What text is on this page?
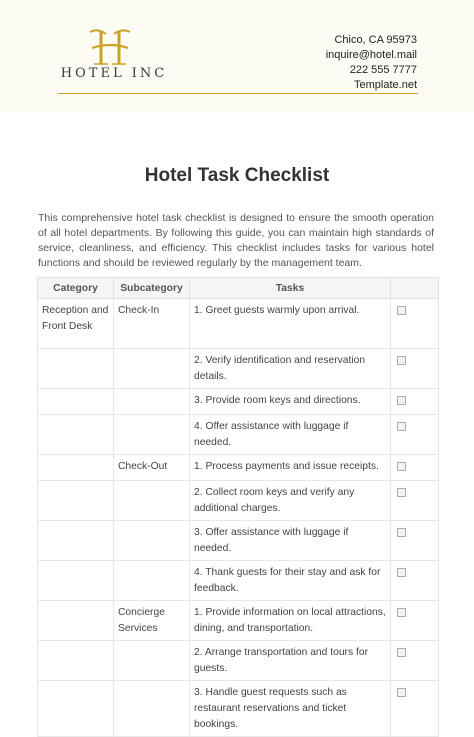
HOTEL INC
Chico, CA 95973
inquire@hotel.mail
222 555 7777
Template.net
Hotel Task Checklist
This comprehensive hotel task checklist is designed to ensure the smooth operation of all hotel departments. By following this guide, you can maintain high standards of service, cleanliness, and efficiency. This checklist includes tasks for various hotel functions and should be reviewed regularly by the management team.
Category	Subcategory	Tasks	
Reception and Front Desk	Check-In	1. Greet guests warmly upon arrival.	
		2. Verify identification and reservation details.	
		3. Provide room keys and directions.	
		4. Offer assistance with luggage if needed.	
	Check-Out	1. Process payments and issue receipts.	
		2. Collect room keys and verify any additional charges.	
		3. Offer assistance with luggage if needed.	
		4. Thank guests for their stay and ask for feedback.	
	Concierge Services	1. Provide information on local attractions, dining, and transportation.	
		2. Arrange transportation and tours for guests.	
		3. Handle guest requests such as restaurant reservations and ticket bookings.	
